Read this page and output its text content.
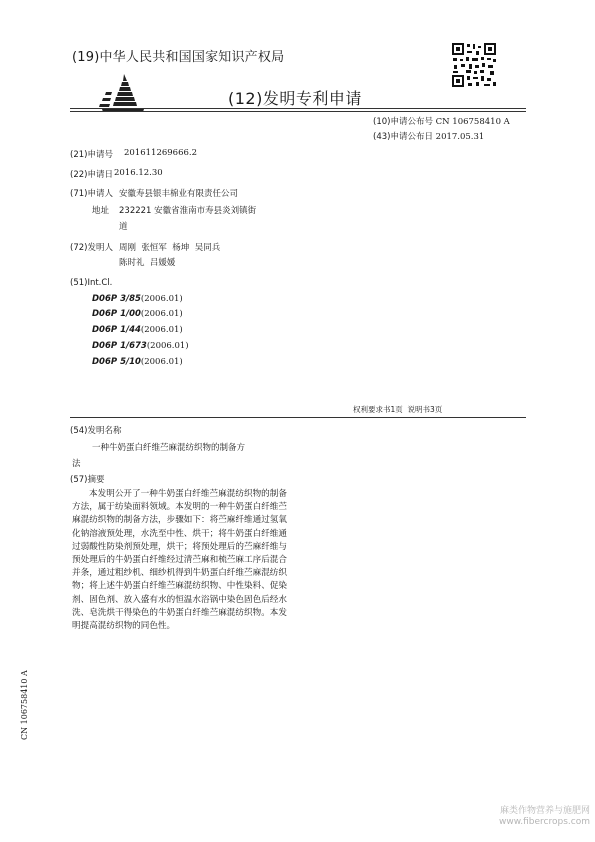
(19)中华人民共和国国家知识产权局
(12)发明专利申请
(10)申请公布号 CN 106758410 A
(43)申请公布日 2017.05.31
(21)申请号 201611269666.2
(22)申请日 2016.12.30
(71)申请人 安徽寿县银丰棉业有限责任公司
地址 232221 安徽省淮南市寿县炎刘镇街
道
(72)发明人 周刚  张恒军  杨坤  吴同兵
陈时礼  吕媛媛
(51)Int.Cl.
D06P 3/85(2006.01)
D06P 1/00(2006.01)
D06P 1/44(2006.01)
D06P 1/673(2006.01)
D06P 5/10(2006.01)
权利要求书1页  说明书3页
(54)发明名称
一种牛奶蛋白纤维苎麻混纺织物的制备方
法
(57)摘要
本发明公开了一种牛奶蛋白纤维苎麻混纺织物的制备方法，属于纺染面料领域。本发明的一种牛奶蛋白纤维苎麻混纺织物的制备方法，步骤如下：将苎麻纤维通过氢氧化钠溶液预处理，水洗至中性、烘干；将牛奶蛋白纤维通过弱酸性防染剂预处理，烘干；将预处理后的苎麻纤维与预处理后的牛奶蛋白纤维经过清苎麻和梳苎麻工序后混合并条，通过粗纱机、细纱机得到牛奶蛋白纤维苎麻混纺织物；将上述牛奶蛋白纤维苎麻混纺织物、中性染料、促染剂、固色剂、放入盛有水的恒温水浴锅中染色固色后经水洗、皂洗烘干得染色的牛奶蛋白纤维苎麻混纺织物。本发明提高混纺织物的同色性。
CN 106758410 A
麻类作物营养与施肥网
www.fibercrops.com
